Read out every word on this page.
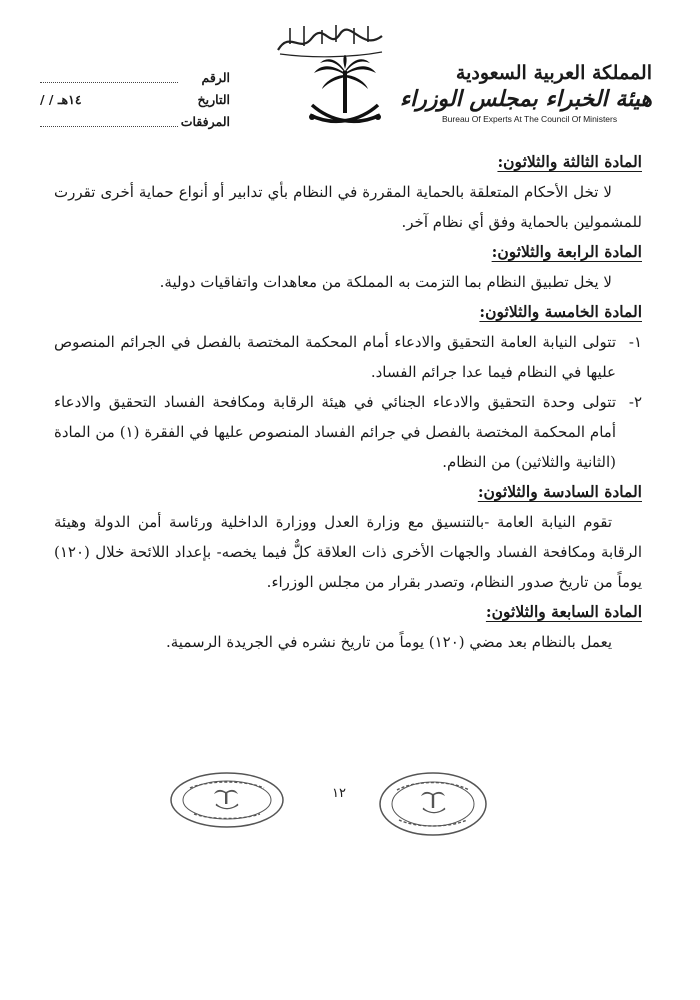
المملكة العربية السعودية
هيئة الخبراء بمجلس الوزراء
Bureau Of Experts At The Council Of Ministers
الرقم
التاريخ
/ / ١٤هـ
المرفقات
المادة الثالثة والثلاثون:
لا تخل الأحكام المتعلقة بالحماية المقررة في النظام بأي تدابير أو أنواع حماية أخرى تقررت للمشمولين بالحماية وفق أي نظام آخر.
المادة الرابعة والثلاثون:
لا يخل تطبيق النظام بما التزمت به المملكة من معاهدات واتفاقيات دولية.
المادة الخامسة والثلاثون:
١-
تتولى النيابة العامة التحقيق والادعاء أمام المحكمة المختصة بالفصل في الجرائم المنصوص عليها في النظام فيما عدا جرائم الفساد.
٢-
تتولى وحدة التحقيق والادعاء الجنائي في هيئة الرقابة ومكافحة الفساد التحقيق والادعاء أمام المحكمة المختصة بالفصل في جرائم الفساد المنصوص عليها في الفقرة (١) من المادة (الثانية والثلاثين) من النظام.
المادة السادسة والثلاثون:
تقوم النيابة العامة -بالتنسيق مع وزارة العدل ووزارة الداخلية ورئاسة أمن الدولة وهيئة الرقابة ومكافحة الفساد والجهات الأخرى ذات العلاقة كلٌّ فيما يخصه- بإعداد اللائحة خلال (١٢٠) يوماً من تاريخ صدور النظام، وتصدر بقرار من مجلس الوزراء.
المادة السابعة والثلاثون:
يعمل بالنظام بعد مضي (١٢٠) يوماً من تاريخ نشره في الجريدة الرسمية.
١٢
